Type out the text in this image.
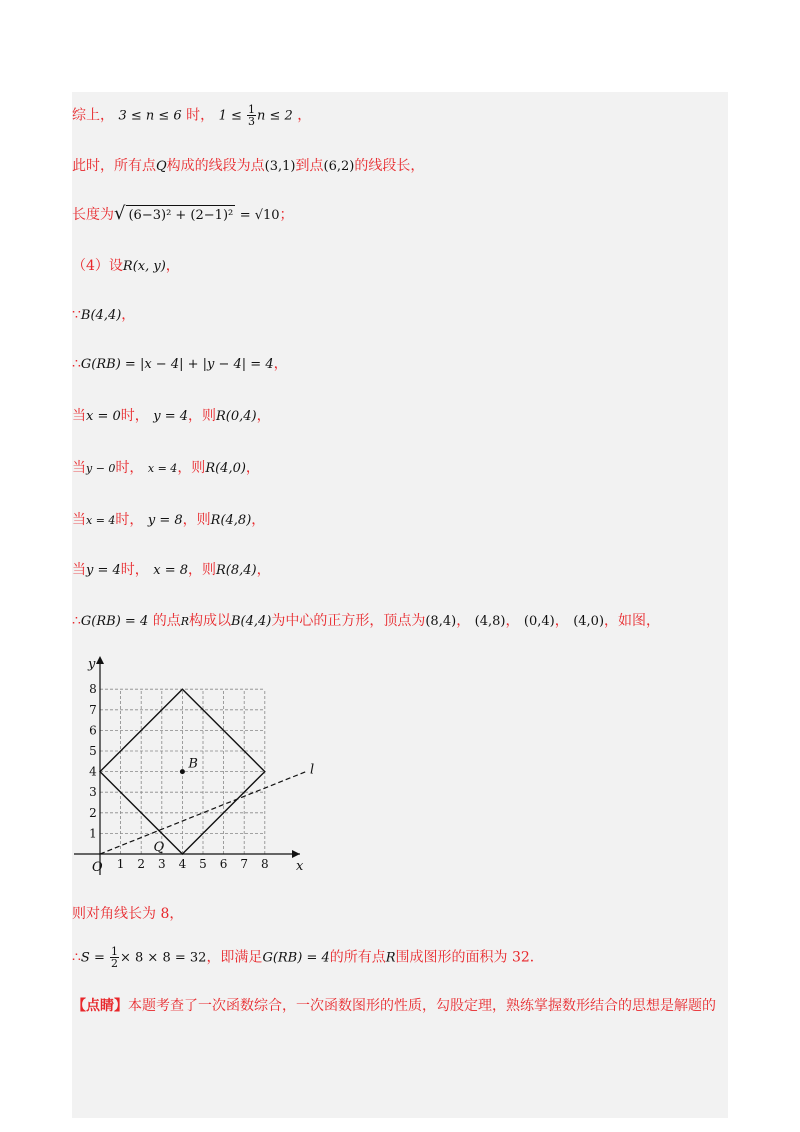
综上， 3 ≤ n ≤ 6 时， $1 \le \frac{1}{3}$ n ≤ 2 ，
此时，所有点Q构成的线段为点(3,1)到点(6,2)的线段长，
长度为√ (6−3)² + (2−1)² = √10；
（4）设R(x, y)，
∵B(4,4)，
∴G(RB) = |x − 4| + |y − 4| = 4，
当x = 0时， y = 4，则R(0,4)，
当y − 0时， x = 4，则R(4,0)，
当x = 4时， y = 8，则R(4,8)，
当y = 4时， x = 8，则R(8,4)，
∴G(RB) = 4 的点R构成以B(4,4)为中心的正方形，顶点为(8,4)， (4,8)， (0,4)， (4,0)，如图，
1 2 3 4 5 6 7 8
1
2
3
4
5
6
7
8
x
y
O
l
B
Q
则对角线长为 8，
∴S = $\frac{1}{2} \times 8 \times 8 = 32$，即满足G(RB) = 4的所有点R围成图形的面积为 32．
【点睛】本题考查了一次函数综合，一次函数图形的性质，勾股定理，熟练掌握数形结合的思想是解题的
